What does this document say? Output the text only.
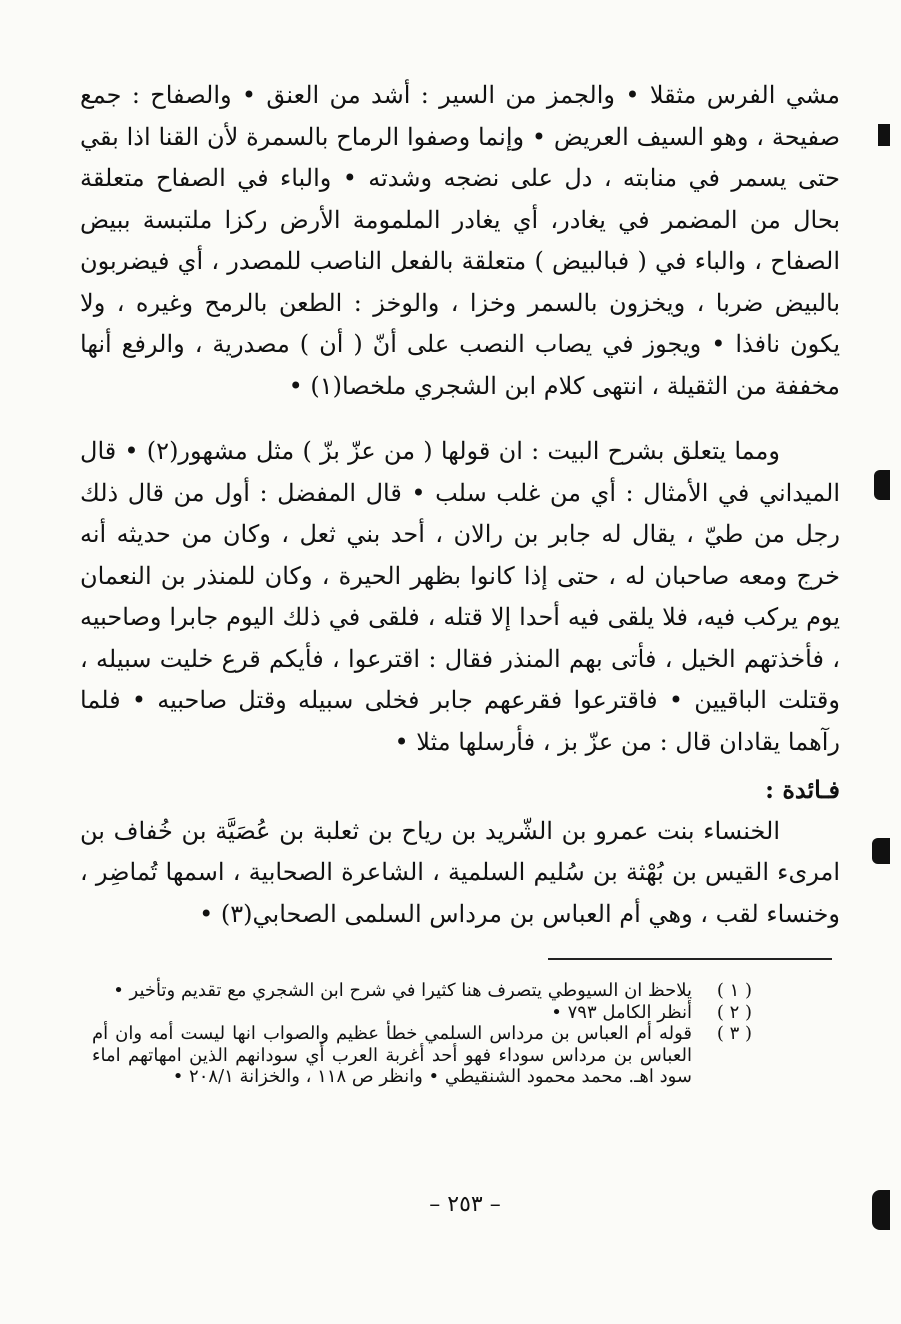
مشي الفرس مثقلا • والجمز من السير : أشد من العنق • والصفاح : جمع صفيحة ، وهو السيف العريض • وإنما وصفوا الرماح بالسمرة لأن القنا اذا بقي حتى يسمر في منابته ، دل على نضجه وشدته • والباء في الصفاح متعلقة بحال من المضمر في يغادر، أي يغادر الملمومة الأرض ركزا ملتبسة ببيض الصفاح ، والباء في ( فبالبيض ) متعلقة بالفعل الناصب للمصدر ، أي فيضربون بالبيض ضربا ، ويخزون بالسمر وخزا ، والوخز : الطعن بالرمح وغيره ، ولا يكون نافذا • ويجوز في يصاب النصب على أنّ ( أن ) مصدرية ، والرفع أنها مخففة من الثقيلة ، انتهى كلام ابن الشجري ملخصا(١) •

ومما يتعلق بشرح البيت : ان قولها ( من عزّ بزّ ) مثل مشهور(٢) • قال الميداني في الأمثال : أي من غلب سلب • قال المفضل : أول من قال ذلك رجل من طيّ ، يقال له جابر بن رالان ، أحد بني ثعل ، وكان من حديثه أنه خرج ومعه صاحبان له ، حتى إذا كانوا بظهر الحيرة ، وكان للمنذر بن النعمان يوم يركب فيه، فلا يلقى فيه أحدا إلا قتله ، فلقى في ذلك اليوم جابرا وصاحبيه ، فأخذتهم الخيل ، فأتى بهم المنذر فقال : اقترعوا ، فأيكم قرع خليت سبيله ، وقتلت الباقيين • فاقترعوا فقرعهم جابر فخلى سبيله وقتل صاحبيه • فلما رآهما يقادان قال : من عزّ بز ، فأرسلها مثلا •

فـائدة :

الخنساء بنت عمرو بن الشّريد بن رياح بن ثعلبة بن عُصَيَّة بن خُفاف بن امرىء القيس بن بُهْثة بن سُليم السلمية ، الشاعرة الصحابية ، اسمها تُماضِر ، وخنساء لقب ، وهي أم العباس بن مرداس السلمى الصحابي(٣) •

( ١ )
يلاحظ ان السيوطي يتصرف هنا كثيرا في شرح ابن الشجري مع تقديم وتأخير •
( ٢ )
أنظر الكامل ٧٩٣ •
( ٣ )
قوله أم العباس بن مرداس السلمي خطأ عظيم والصواب انها ليست أمه وان أم العباس بن مرداس سوداء فهو أحد أغربة العرب أي سودانهم الذين امهاتهم اماء سود اهـ. محمد محمود الشنقيطي • وانظر ص ١١٨ ، والخزانة ٢٠٨/١ •
– ٢٥٣ –
